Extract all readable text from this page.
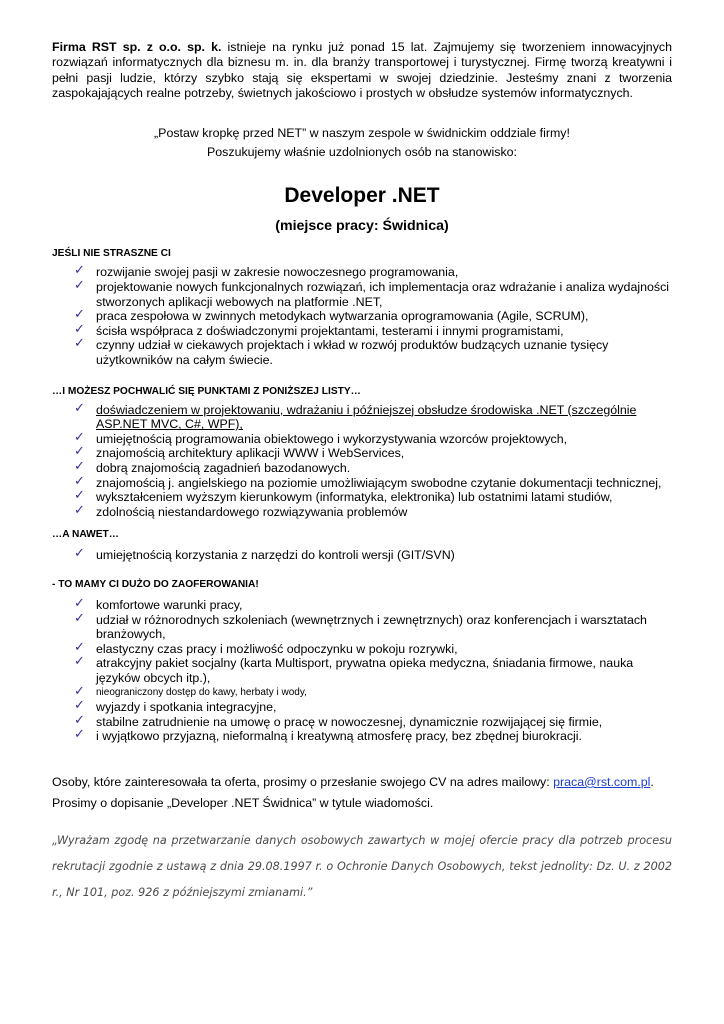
Firma RST sp. z o.o. sp. k. istnieje na rynku już ponad 15 lat. Zajmujemy się tworzeniem innowacyjnych rozwiązań informatycznych dla biznesu m. in. dla branży transportowej i turystycznej. Firmę tworzą kreatywni i pełni pasji ludzie, którzy szybko stają się ekspertami w swojej dziedzinie. Jesteśmy znani z tworzenia zaspokajających realne potrzeby, świetnych jakościowo i prostych w obsłudze systemów informatycznych.

„Postaw kropkę przed NET” w naszym zespole w świdnickim oddziale firmy!

Poszukujemy właśnie uzdolnionych osób na stanowisko:

Developer .NET
(miejsce pracy: Świdnica)
JEŚLI NIE STRASZNE CI
✓ rozwijanie swojej pasji w zakresie nowoczesnego programowania,
✓ projektowanie nowych funkcjonalnych rozwiązań, ich implementacja oraz wdrażanie i analiza wydajności stworzonych aplikacji webowych na platformie .NET,
✓ praca zespołowa w zwinnych metodykach wytwarzania oprogramowania (Agile, SCRUM),
✓ ścisła współpraca z doświadczonymi projektantami, testerami i innymi programistami,
✓ czynny udział w ciekawych projektach i wkład w rozwój produktów budzących uznanie tysięcy użytkowników na całym świecie.
…I MOŻESZ POCHWALIĆ SIĘ PUNKTAMI Z PONIŻSZEJ LISTY…
✓ doświadczeniem w projektowaniu, wdrażaniu i późniejszej obsłudze środowiska .NET (szczególnie ASP.NET MVC, C#, WPF),
✓ umiejętnością programowania obiektowego i wykorzystywania wzorców projektowych,
✓ znajomością architektury aplikacji WWW i WebServices,
✓ dobrą znajomością zagadnień bazodanowych.
✓ znajomością j. angielskiego na poziomie umożliwiającym swobodne czytanie dokumentacji technicznej,
✓ wykształceniem wyższym kierunkowym (informatyka, elektronika) lub ostatnimi latami studiów,
✓ zdolnością niestandardowego rozwiązywania problemów
…A NAWET…
✓ umiejętnością korzystania z narzędzi do kontroli wersji (GIT/SVN)
- TO MAMY CI DUŻO DO ZAOFEROWANIA!
✓ komfortowe warunki pracy,
✓ udział w różnorodnych szkoleniach (wewnętrznych i zewnętrznych) oraz konferencjach i warsztatach branżowych,
✓ elastyczny czas pracy i możliwość odpoczynku w pokoju rozrywki,
✓ atrakcyjny pakiet socjalny (karta Multisport, prywatna opieka medyczna, śniadania firmowe, nauka języków obcych itp.),
✓ nieograniczony dostęp do kawy, herbaty i wody,
✓ wyjazdy i spotkania integracyjne,
✓ stabilne zatrudnienie na umowę o pracę w nowoczesnej, dynamicznie rozwijającej się firmie,
✓ i wyjątkowo przyjazną, nieformalną i kreatywną atmosferę pracy, bez zbędnej biurokracji.

Osoby, które zainteresowała ta oferta, prosimy o przesłanie swojego CV na adres mailowy: praca@rst.com.pl.
Prosimy o dopisanie „Developer .NET Świdnica” w tytule wiadomości.

„Wyrażam zgodę na przetwarzanie danych osobowych zawartych w mojej ofercie pracy dla potrzeb procesu rekrutacji zgodnie z ustawą z dnia 29.08.1997 r. o Ochronie Danych Osobowych, tekst jednolity: Dz. U. z 2002 r., Nr 101, poz. 926 z późniejszymi zmianami.”
